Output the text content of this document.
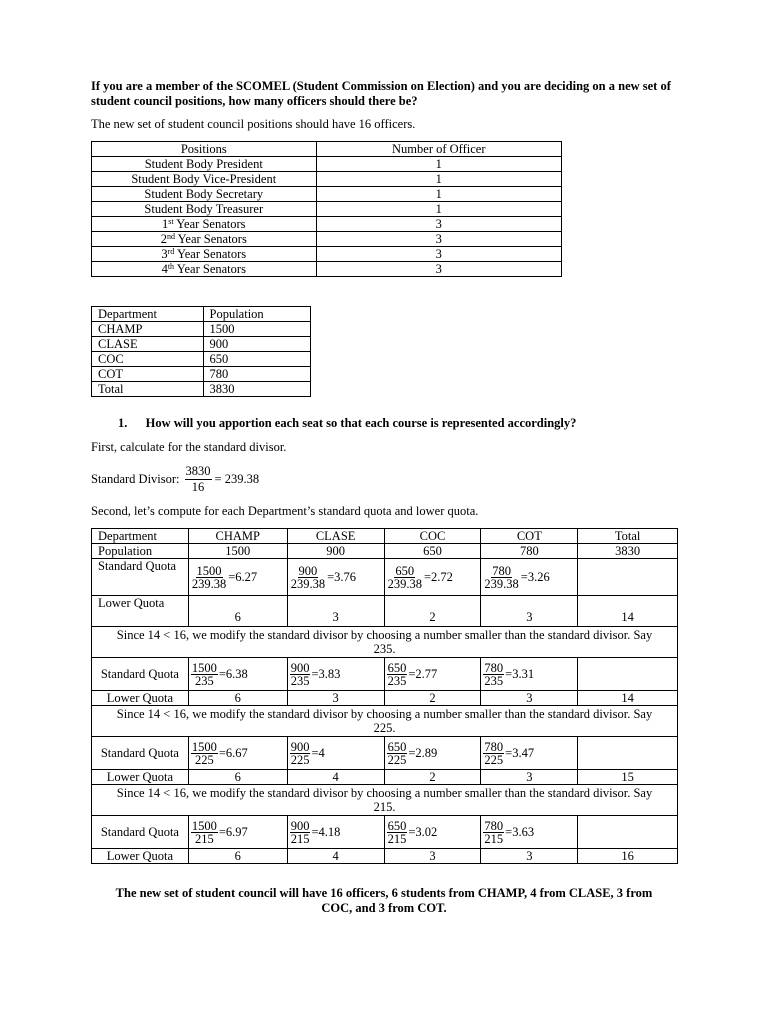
If you are a member of the SCOMEL (Student Commission on Election) and you are deciding on a new set of student council positions, how many officers should there be?
The new set of student council positions should have 16 officers.
Positions	Number of Officer
Student Body President	1
Student Body Vice-President	1
Student Body Secretary	1
Student Body Treasurer	1
1st Year Senators	3
2nd Year Senators	3
3rd Year Senators	3
4th Year Senators	3
Department	Population
CHAMP	1500
CLASE	900
COC	650
COT	780
Total	3830
1. How will you apportion each seat so that each course is represented accordingly?
First, calculate for the standard divisor.
Standard Divisor: $\frac{3830}{16} = 239.38$
Second, let’s compute for each Department’s standard quota and lower quota.
Department	CHAMP	CLASE	COC	COT	Total
Population	1500	900	650	780	3830
Standard Quota	$\frac{1500}{239.38} =6.27$	$\frac{900}{239.38} =3.76$	$\frac{650}{239.38} =2.72$	$\frac{780}{239.38} =3.26$	

Lower Quota	6	3	2	3	14
Since 14 < 16, we modify the standard divisor by choosing a number smaller than the standard divisor. Say 235.					
Standard Quota	$\frac{1500}{235} =6.38$	$\frac{900}{235} =3.83$	$\frac{650}{235} =2.77$	$\frac{780}{235} =3.31$	

Lower Quota	6	3	2	3	14
Since 14 < 16, we modify the standard divisor by choosing a number smaller than the standard divisor. Say 225.					
Standard Quota	$\frac{1500}{225} =6.67$	$\frac{900}{225} =4$	$\frac{650}{225} =2.89$	$\frac{780}{225} =3.47$	

Lower Quota	6	4	2	3	15
Since 14 < 16, we modify the standard divisor by choosing a number smaller than the standard divisor. Say 215.					
Standard Quota	$\frac{1500}{215} =6.97$	$\frac{900}{215} =4.18$	$\frac{650}{215} =3.02$	$\frac{780}{215} =3.63$	

Lower Quota	6	4	3	3	16
The new set of student council will have 16 officers, 6 students from CHAMP, 4 from CLASE, 3 from COC, and 3 from COT.
